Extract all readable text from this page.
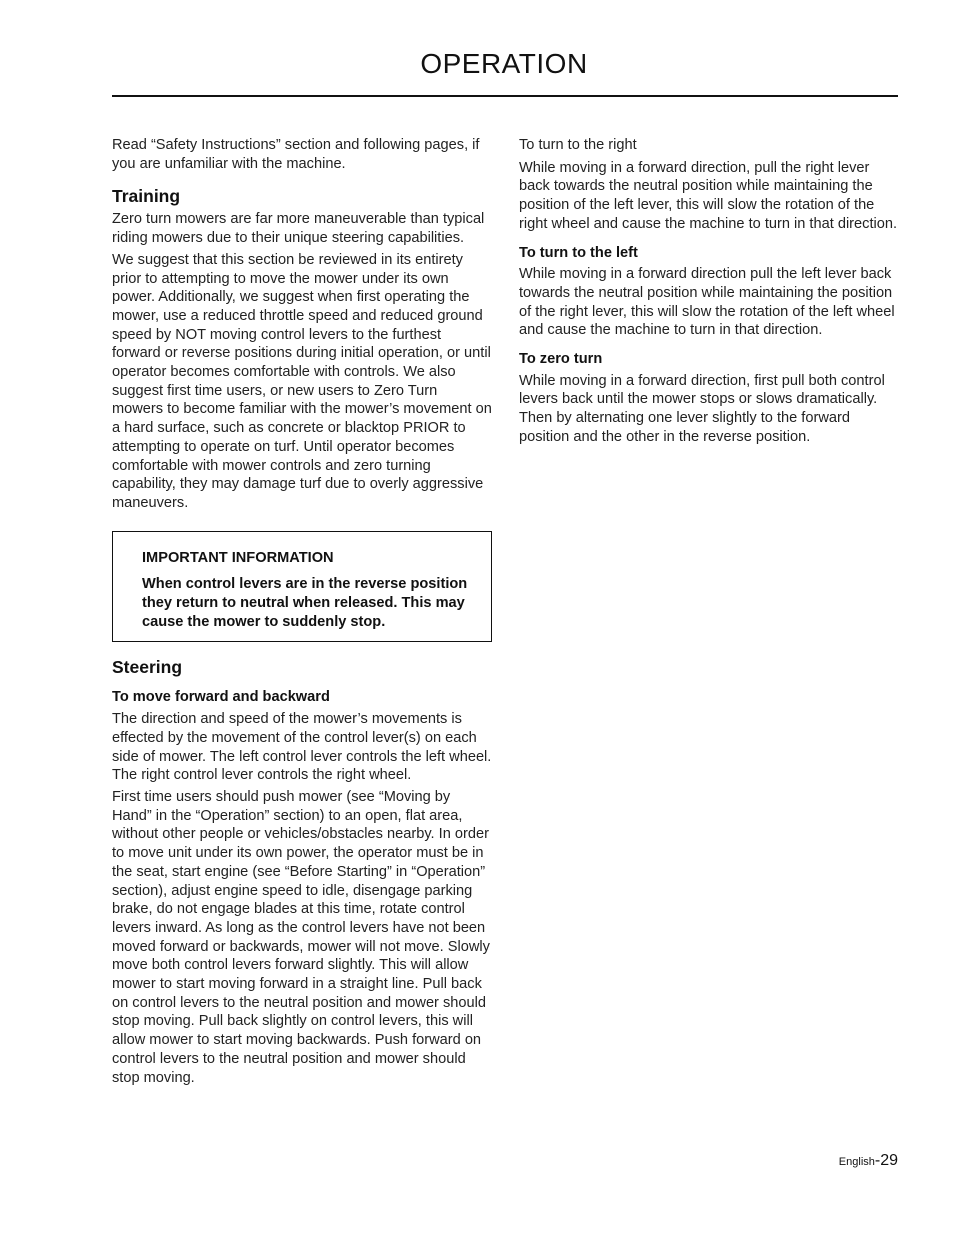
OPERATION

Read “Safety Instructions” section and following pages, if you are unfamiliar with the machine.

Training

Zero turn mowers are far more maneuverable than typical riding mowers due to their unique steering capabilities.

We suggest that this section be reviewed in its entirety prior to attempting to move the mower under its own power. Additionally, we suggest when first operating the mower, use a reduced throttle speed and reduced ground speed by NOT moving control levers to the furthest forward or reverse positions during initial operation, or until operator becomes comfortable with controls. We also suggest first time users, or new users to Zero Turn mowers to become familiar with the mower’s movement on a hard surface, such as concrete or blacktop PRIOR to attempting to operate on turf. Until operator becomes comfortable with mower controls and zero turning capability, they may damage turf due to overly aggressive maneuvers.

IMPORTANT INFORMATION

When control levers are in the reverse position they return to neutral when released. This may cause the mower to suddenly stop.

Steering
To move forward and backward

The direction and speed of the mower’s movements is effected by the movement of the control lever(s) on each side of mower. The left control lever controls the left wheel. The right control lever controls the right wheel.

First time users should push mower (see “Moving by Hand” in the “Operation” section) to an open, flat area, without other people or vehicles/obstacles nearby. In order to move unit under its own power, the operator must be in the seat, start engine (see “Before Starting” in “Operation” section), adjust engine speed to idle, disengage parking brake, do not engage blades at this time, rotate control levers inward. As long as the control levers have not been moved forward or backwards, mower will not move. Slowly move both control levers forward slightly. This will allow mower to start moving forward in a straight line. Pull back on control levers to the neutral position and mower should stop moving. Pull back slightly on control levers, this will allow mower to start moving backwards. Push forward on control levers to the neutral position and mower should stop moving.

To turn to the right

While moving in a forward direction, pull the right lever back towards the neutral position while maintaining the position of the left lever, this will slow the rotation of the right wheel and cause the machine to turn in that direction.

To turn to the left

While moving in a forward direction pull the left lever back towards the neutral position while maintaining the position of the right lever, this will slow the rotation of the left wheel and cause the machine to turn in that direction.

To zero turn

While moving in a forward direction, first pull both control levers back until the mower stops or slows dramatically. Then by alternating one lever slightly to the forward position and the other in the reverse position.

English-29
